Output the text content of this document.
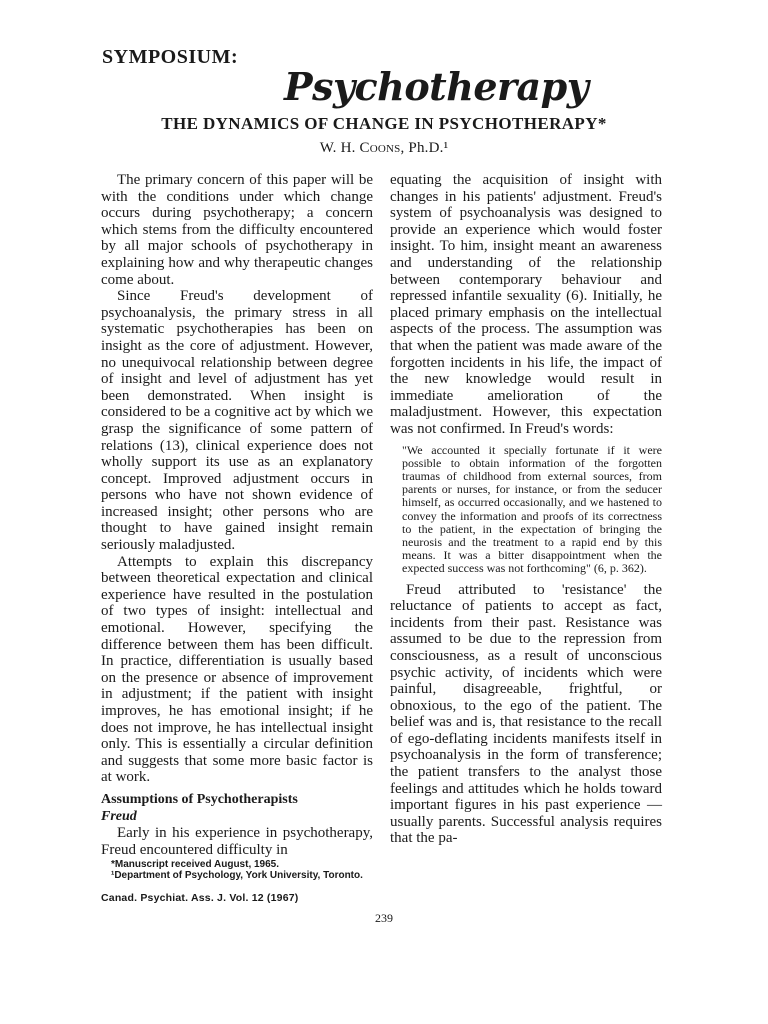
SYMPOSIUM:
Psychotherapy
THE DYNAMICS OF CHANGE IN PSYCHOTHERAPY*
W. H. Coons, Ph.D.¹

The primary concern of this paper will be with the conditions under which change occurs during psychotherapy; a concern which stems from the difficulty encountered by all major schools of psychotherapy in explaining how and why therapeutic changes come about.

Since Freud's development of psychoanalysis, the primary stress in all systematic psychotherapies has been on insight as the core of adjustment. However, no unequivocal relationship between degree of insight and level of adjustment has yet been demonstrated. When insight is considered to be a cognitive act by which we grasp the significance of some pattern of relations (13), clinical experience does not wholly support its use as an explanatory concept. Improved adjustment occurs in persons who have not shown evidence of increased insight; other persons who are thought to have gained insight remain seriously maladjusted.

Attempts to explain this discrepancy between theoretical expectation and clinical experience have resulted in the postulation of two types of insight: intellectual and emotional. However, specifying the difference between them has been difficult. In practice, differentiation is usually based on the presence or absence of improvement in adjustment; if the patient with insight improves, he has emotional insight; if he does not improve, he has intellectual insight only. This is essentially a circular definition and suggests that some more basic factor is at work.

Assumptions of Psychotherapists

Freud

Early in his experience in psychotherapy, Freud encountered difficulty in

*Manuscript received August, 1965.
¹Department of Psychology, York University, Toronto.

equating the acquisition of insight with changes in his patients' adjustment. Freud's system of psychoanalysis was designed to provide an experience which would foster insight. To him, insight meant an awareness and understanding of the relationship between contemporary behaviour and repressed infantile sexuality (6). Initially, he placed primary emphasis on the intellectual aspects of the process. The assumption was that when the patient was made aware of the forgotten incidents in his life, the impact of the new knowledge would result in immediate amelioration of the maladjustment. However, this expectation was not confirmed. In Freud's words:

"We accounted it specially fortunate if it were possible to obtain information of the forgotten traumas of childhood from external sources, from parents or nurses, for instance, or from the seducer himself, as occurred occasionally, and we hastened to convey the information and proofs of its correctness to the patient, in the expectation of bringing the neurosis and the treatment to a rapid end by this means. It was a bitter disappointment when the expected success was not forthcoming" (6, p. 362).

Freud attributed to 'resistance' the reluctance of patients to accept as fact, incidents from their past. Resistance was assumed to be due to the repression from consciousness, as a result of unconscious psychic activity, of incidents which were painful, disagreeable, frightful, or obnoxious, to the ego of the patient. The belief was and is, that resistance to the recall of ego-deflating incidents manifests itself in psychoanalysis in the form of transference; the patient transfers to the analyst those feelings and attitudes which he holds toward important figures in his past experience — usually parents. Successful analysis requires that the pa-

Canad. Psychiat. Ass. J. Vol. 12 (1967)
239
